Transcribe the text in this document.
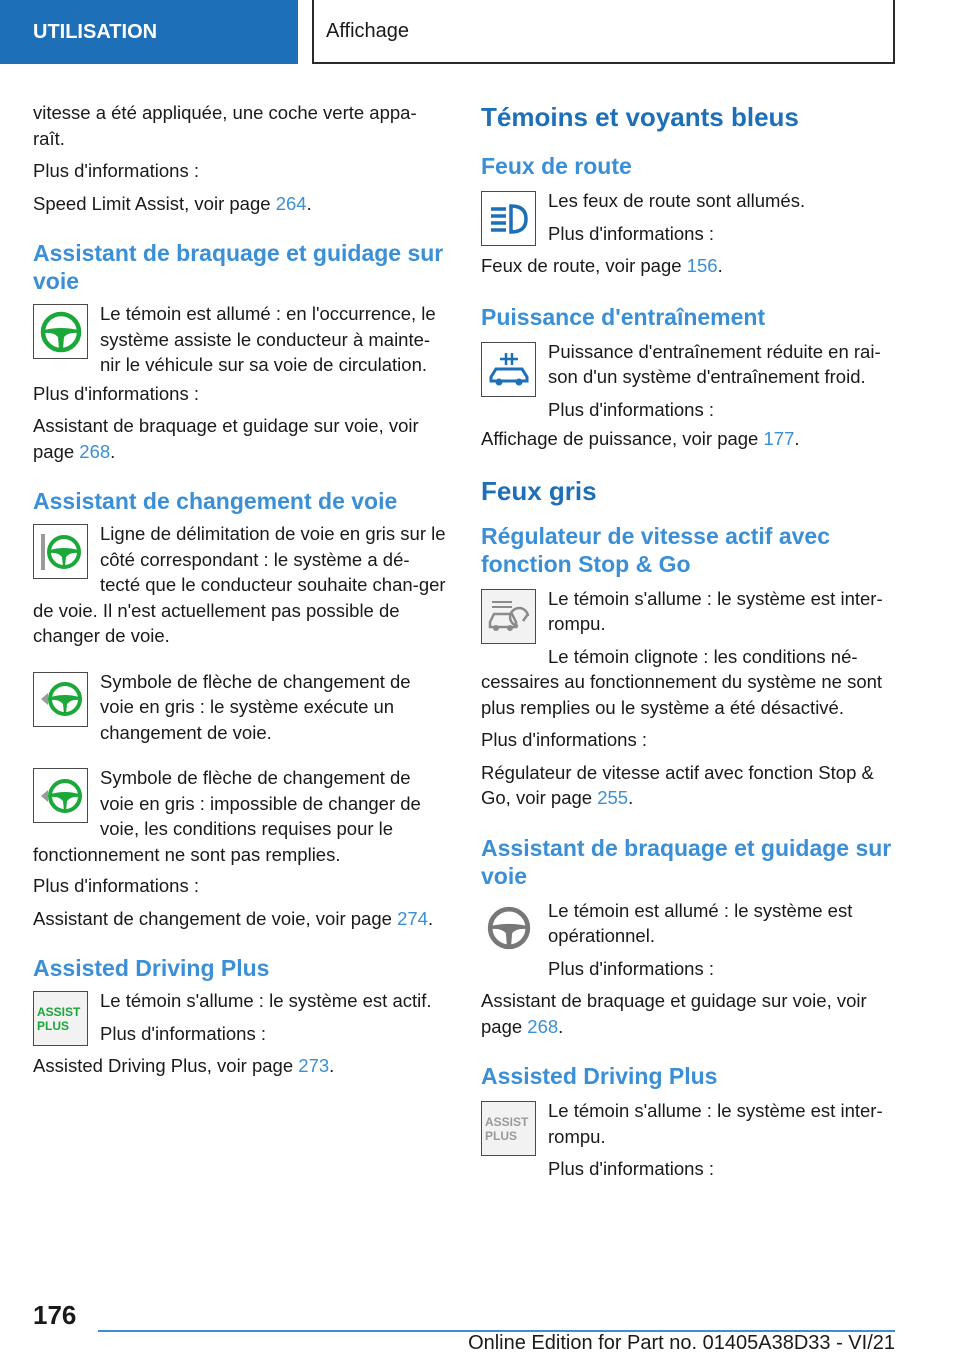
UTILISATION	Affichage

vitesse a été appliquée, une coche verte appa-raît.

Plus d'informations :

Speed Limit Assist, voir page 264.

Assistant de braquage et guidage sur voie

Le témoin est allumé : en l'occurrence, le système assiste le conducteur à mainte-nir le véhicule sur sa voie de circulation.

Plus d'informations :

Assistant de braquage et guidage sur voie, voir page 268.

Assistant de changement de voie

Ligne de délimitation de voie en gris sur le côté correspondant : le système a dé-tecté que le conducteur souhaite chan-ger de voie. Il n'est actuellement pas possible de changer de voie.

Symbole de flèche de changement de voie en gris : le système exécute un changement de voie.

Symbole de flèche de changement de voie en gris : impossible de changer de voie, les conditions requises pour le fonctionnement ne sont pas remplies.

Plus d'informations :

Assistant de changement de voie, voir page 274.

Assisted Driving Plus
ASSIST
PLUS

Le témoin s'allume : le système est actif.

Plus d'informations :

Assisted Driving Plus, voir page 273.

Témoins et voyants bleus
Feux de route

Les feux de route sont allumés.

Plus d'informations :

Feux de route, voir page 156.

Puissance d'entraînement

Puissance d'entraînement réduite en rai-son d'un système d'entraînement froid.

Plus d'informations :

Affichage de puissance, voir page 177.

Feux gris
Régulateur de vitesse actif avec fonction Stop & Go

Le témoin s'allume : le système est inter-rompu.

Le témoin clignote : les conditions né-cessaires au fonctionnement du système ne sont plus remplies ou le système a été désactivé.

Plus d'informations :

Régulateur de vitesse actif avec fonction Stop & Go, voir page 255.

Assistant de braquage et guidage sur voie

Le témoin est allumé : le système est opérationnel.

Plus d'informations :

Assistant de braquage et guidage sur voie, voir page 268.

Assisted Driving Plus
ASSIST
PLUS

Le témoin s'allume : le système est inter-rompu.

Plus d'informations :

176
Online Edition for Part no. 01405A38D33 - VI/21
